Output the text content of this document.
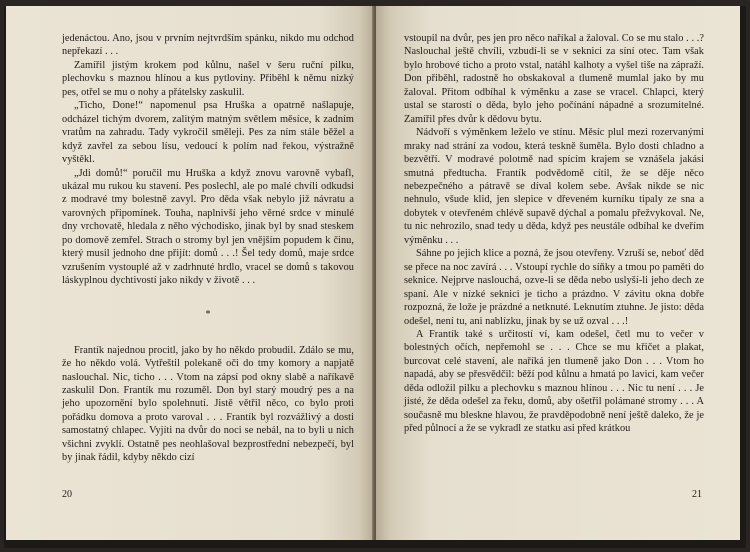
jedenáctou. Ano, jsou v prvním nejtvrdším spánku, nikdo mu odchod nepřekazí . . .

Zamířil jistým krokem pod kůlnu, našel v šeru ruční pilku, plechovku s maznou hlínou a kus pytloviny. Přiběhl k němu nízký pes, otřel se mu o nohy a přátelsky zaskulil.

„Ticho, Done!“ napomenul psa Hruška a opatrně našlapuje, odcházel tichým dvorem, zalitým matným světlem měsíce, k zadním vratům na zahradu. Tady vykročil směleji. Pes za ním stále běžel a když zavřel za sebou lísu, vedoucí k polím nad řekou, výstražně vyštěkl.

„Jdi domů!“ poručil mu Hruška a když znovu varovně vybafl, ukázal mu rukou ku stavení. Pes poslechl, ale po malé chvíli odkudsi z modravé tmy bolestně zavyl. Pro děda však nebylo již návratu a varovných připomínek. Touha, naplnivší jeho věrné srdce v minulé dny vrchovatě, hledala z něho východisko, jinak byl by snad steskem po domově zemřel. Strach o stromy byl jen vnějším popudem k činu, který musil jednoho dne přijít: domů . . .! Šel tedy domů, maje srdce vzrušením vystouplé až v zadrhnuté hrdlo, vracel se domů s takovou láskyplnou dychtivostí jako nikdy v životě . . .

*

Frantík najednou procitl, jako by ho někdo probudil. Zdálo se mu, že ho někdo volá. Vytřeštil polekaně oči do tmy komory a napjatě naslouchal. Nic, ticho . . . Vtom na zápsí pod okny slabě a naříkavě zaskulil Don. Frantík mu rozuměl. Don byl starý moudrý pes a na jeho upozornění bylo spolehnutí. Jistě větřil něco, co bylo proti pořádku domova a proto varoval . . . Frantík byl rozvážlivý a dosti samostatný chlapec. Vyjíti na dvůr do noci se nebál, na to byli u nich všichni zvyklí. Ostatně pes neohlašoval bezprostřední nebezpečí, byl by jinak řádil, kdyby někdo cizí

20

vstoupil na dvůr, pes jen pro něco naříkal a žaloval. Co se mu stalo . . .? Naslouchal ještě chvíli, vzbudí-li se v seknici za síní otec. Tam však bylo hrobové ticho a proto vstal, natáhl kalhoty a vyšel tiše na zápraží. Don přiběhl, radostně ho obskakoval a tlumeně mumlal jako by mu žaloval. Přitom odbíhal k výměnku a zase se vracel. Chlapci, který ustal se starostí o děda, bylo jeho počínání nápadné a srozumitelné. Zamířil přes dvůr k dědovu bytu.

Nádvoří s výměnkem leželo ve stínu. Měsíc plul mezi rozervanými mraky nad strání za vodou, která teskně šuměla. Bylo dosti chladno a bezvětří. V modravé polotmě nad spícím krajem se vznášela jakási smutná předtucha. Frantík podvědomě cítil, že se děje něco nebezpečného a pátravě se díval kolem sebe. Avšak nikde se nic nehnulo, všude klid, jen slepice v dřeveném kurníku tipaly ze sna a dobytek v otevřeném chlévě supavě dýchal a pomalu přežvykoval. Ne, tu nic nehrozilo, snad tedy u děda, když pes neustále odbíhal ke dveřím výměnku . . .

Sáhne po jejich klice a pozná, že jsou otevřeny. Vzruší se, neboť děd se přece na noc zavírá . . . Vstoupí rychle do síňky a tmou po paměti do seknice. Nejprve naslouchá, ozve-li se děda nebo uslyší-li jeho dech ze spaní. Ale v nízké seknici je ticho a prázdno. V závitu okna dobře rozpozná, že lože je prázdné a netknuté. Leknutím ztuhne. Je jisto: děda odešel, není tu, ani nablízku, jinak by se už ozval . . .!

A Frantík také s určitostí ví, kam odešel, četl mu to večer v bolestných očích, nepřemohl se . . . Chce se mu křičet a plakat, burcovat celé stavení, ale naříká jen tlumeně jako Don . . . Vtom ho napadá, aby se přesvědčil: běží pod kůlnu a hmatá po lavici, kam večer děda odložil pilku a plechovku s maznou hlínou . . . Nic tu není . . . Je jisté, že děda odešel za řeku, domů, aby ošetřil polámané stromy . . . A současně mu bleskne hlavou, že pravděpodobně není ještě daleko, že je před půlnocí a že se vykradl ze statku asi před krátkou

21
